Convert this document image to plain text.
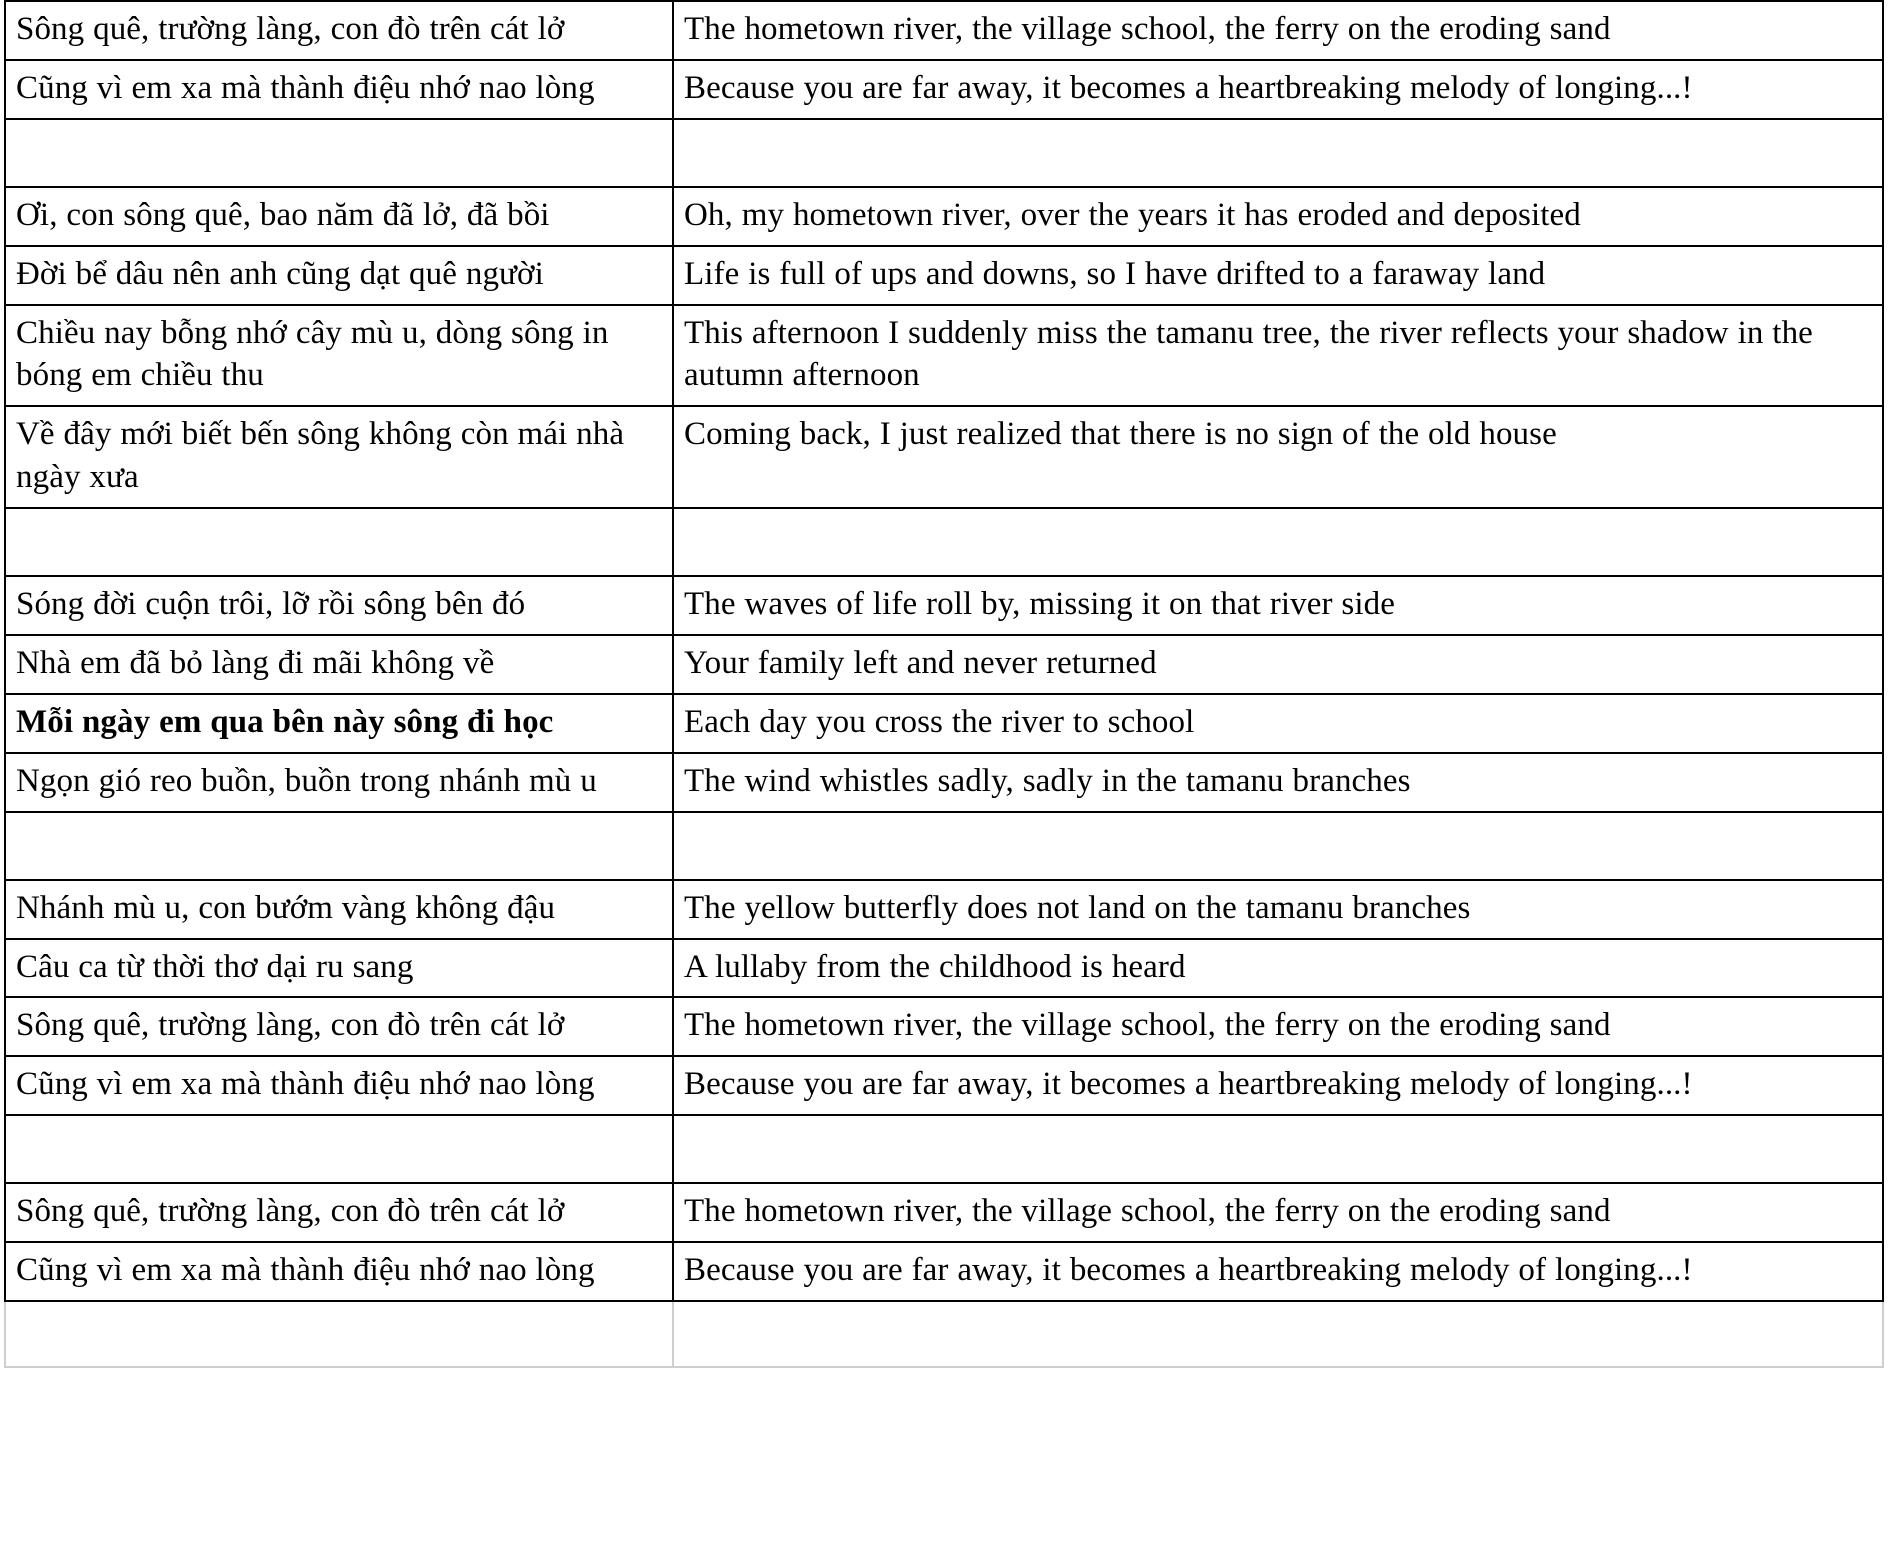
Sông quê, trường làng, con đò trên cát lở	The hometown river, the village school, the ferry on the eroding sand

Cũng vì em xa mà thành điệu nhớ nao lòng	Because you are far away, it becomes a heartbreaking melody of longing...!

Ơi, con sông quê, bao năm đã lở, đã bồi	Oh, my hometown river, over the years it has eroded and deposited

Đời bể dâu nên anh cũng dạt quê người	Life is full of ups and downs, so I have drifted to a faraway land

Chiều nay bỗng nhớ cây mù u, dòng sông in bóng em chiều thu	This afternoon I suddenly miss the tamanu tree, the river reflects your shadow in the autumn afternoon

Về đây mới biết bến sông không còn mái nhà ngày xưa	Coming back, I just realized that there is no sign of the old house

Sóng đời cuộn trôi, lỡ rồi sông bên đó	The waves of life roll by, missing it on that river side

Nhà em đã bỏ làng đi mãi không về	Your family left and never returned

Mỗi ngày em qua bên này sông đi học	Each day you cross the river to school

Ngọn gió reo buồn, buồn trong nhánh mù u	The wind whistles sadly, sadly in the tamanu branches

Nhánh mù u, con bướm vàng không đậu	The yellow butterfly does not land on the tamanu branches

Câu ca từ thời thơ dại ru sang	A lullaby from the childhood is heard

Sông quê, trường làng, con đò trên cát lở	The hometown river, the village school, the ferry on the eroding sand

Cũng vì em xa mà thành điệu nhớ nao lòng	Because you are far away, it becomes a heartbreaking melody of longing...!

Sông quê, trường làng, con đò trên cát lở	The hometown river, the village school, the ferry on the eroding sand

Cũng vì em xa mà thành điệu nhớ nao lòng	Because you are far away, it becomes a heartbreaking melody of longing...!
